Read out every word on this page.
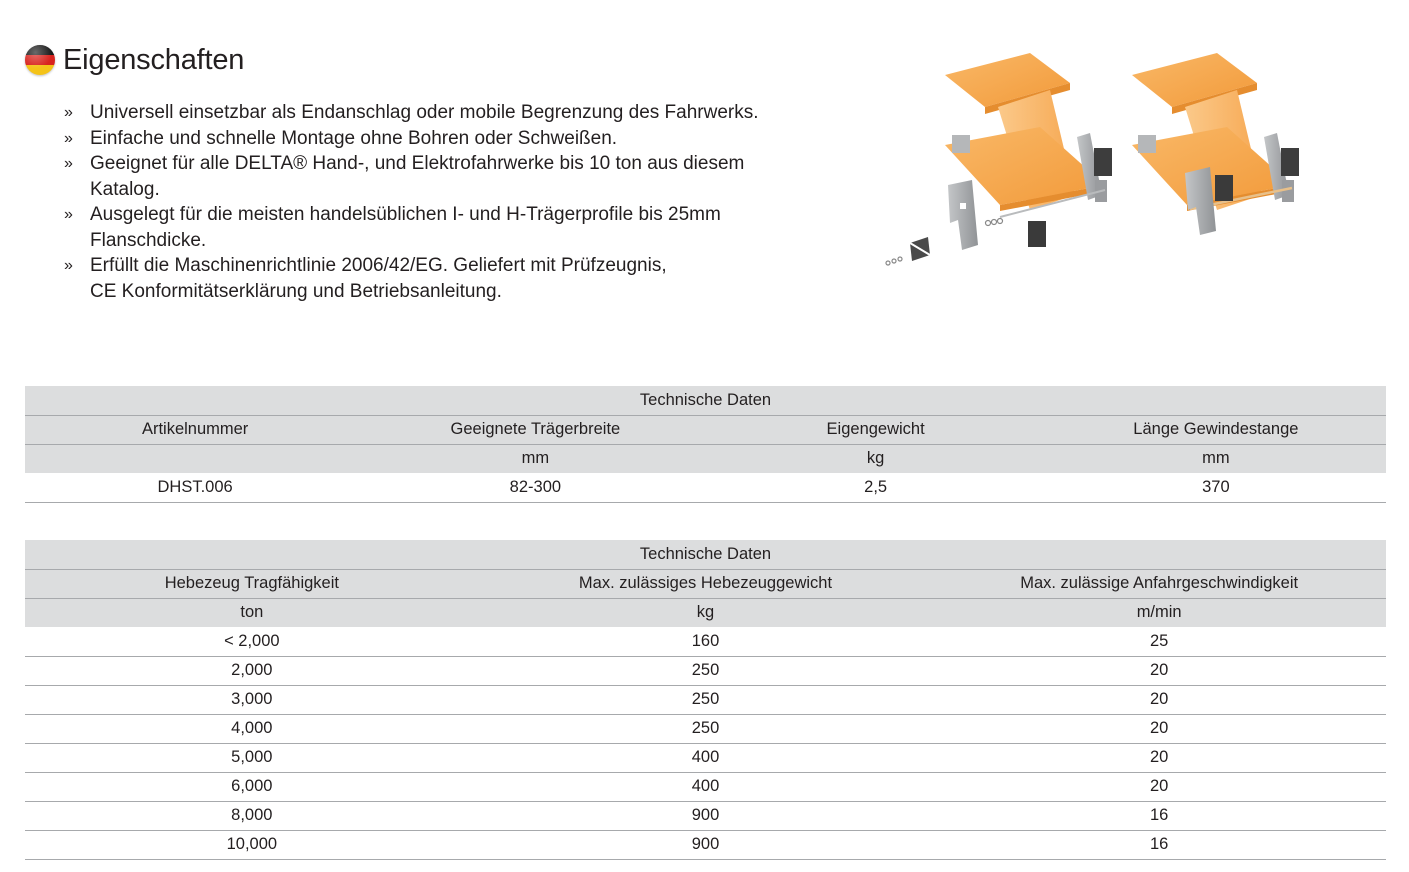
Eigenschaften
» Universell einsetzbar als Endanschlag oder mobile Begrenzung des Fahrwerks.
» Einfache und schnelle Montage ohne Bohren oder Schweißen.
» Geeignet für alle DELTA® Hand-, und Elektrofahrwerke bis 10 ton aus diesem
Katalog.
» Ausgelegt für die meisten handelsüblichen I- und H-Trägerprofile bis 25mm
Flanschdicke.
» Erfüllt die Maschinenrichtlinie 2006/42/EG. Geliefert mit Prüfzeugnis,
CE Konformitätserklärung und Betriebsanleitung.
Technische Daten			
Artikelnummer	Geeignete Trägerbreite	Eigengewicht	Länge Gewindestange
	mm	kg	mm
DHST.006	82-300	2,5	370
Technische Daten		
Hebezeug Tragfähigkeit	Max. zulässiges Hebezeuggewicht	Max. zulässige Anfahrgeschwindigkeit
ton	kg	m/min
< 2,000	160	25
2,000	250	20
3,000	250	20
4,000	250	20
5,000	400	20
6,000	400	20
8,000	900	16
10,000	900	16
